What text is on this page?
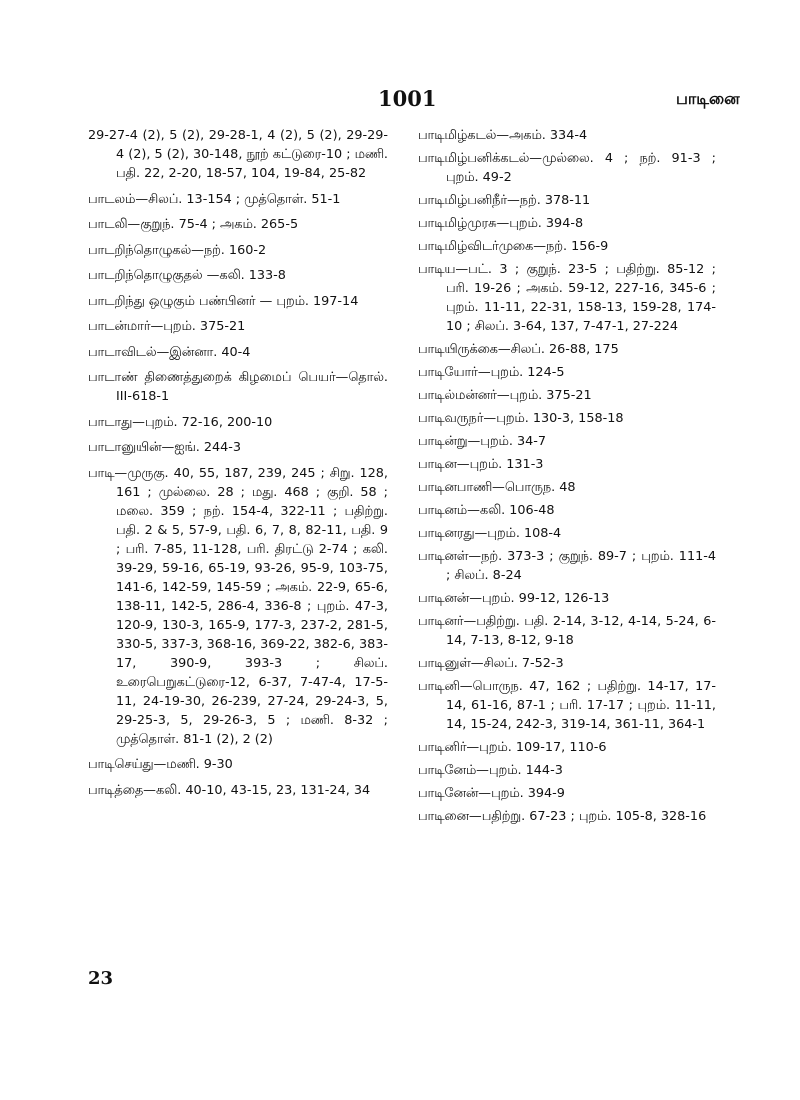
1001	பாடினை

29-27-4 (2), 5 (2), 29-28-1, 4 (2), 5 (2), 29-29-4 (2), 5 (2), 30-148, நூற் கட்டுரை-10 ; மணி. பதி. 22, 2-20, 18-57, 104, 19-84, 25-82

பாடலம்—சிலப். 13-154 ; முத்தொள். 51-1

பாடலி—குறுந். 75-4 ; அகம். 265-5

பாடறிந்தொழுகல்—நற். 160-2

பாடறிந்தொழுகுதல் —கலி. 133-8

பாடறிந்து ஒழுகும் பண்பினர் — புறம். 197-14

பாடன்மார்—புறம். 375-21

பாடாவிடல்—இன்னா. 40-4

பாடாண் திணைத்துறைக் கிழமைப் பெயர்—தொல். III-618-1

பாடாது—புறம். 72-16, 200-10

பாடானுயின்—ஐங். 244-3

பாடி—முருகு. 40, 55, 187, 239, 245 ; சிறு. 128, 161 ; முல்லை. 28 ; மது. 468 ; குறி. 58 ; மலை. 359 ; நற். 154-4, 322-11 ; பதிற்று. பதி. 2 & 5, 57-9, பதி. 6, 7, 8, 82-11, பதி. 9 ; பரி. 7-85, 11-128, பரி. திரட்டு 2-74 ; கலி. 39-29, 59-16, 65-19, 93-26, 95-9, 103-75, 141-6, 142-59, 145-59 ; அகம். 22-9, 65-6, 138-11, 142-5, 286-4, 336-8 ; புறம். 47-3, 120-9, 130-3, 165-9, 177-3, 237-2, 281-5, 330-5, 337-3, 368-16, 369-22, 382-6, 383-17, 390-9, 393-3 ; சிலப். உரைபெறுகட்டுரை-12, 6-37, 7-47-4, 17-5-11, 24-19-30, 26-239, 27-24, 29-24-3, 5, 29-25-3, 5, 29-26-3, 5 ; மணி. 8-32 ; முத்தொள். 81-1 (2), 2 (2)

பாடிசெய்து—மணி. 9-30

பாடித்தை—கலி. 40-10, 43-15, 23, 131-24, 34

பாடிமிழ்கடல்—அகம். 334-4

பாடிமிழ்பனிக்கடல்—முல்லை. 4 ; நற். 91-3 ; புறம். 49-2

பாடிமிழ்பனிநீர்—நற். 378-11

பாடிமிழ்முரசு—புறம். 394-8

பாடிமிழ்விடர்முகை—நற். 156-9

பாடிய—பட். 3 ; குறுந். 23-5 ; பதிற்று. 85-12 ; பரி. 19-26 ; அகம். 59-12, 227-16, 345-6 ; புறம். 11-11, 22-31, 158-13, 159-28, 174-10 ; சிலப். 3-64, 137, 7-47-1, 27-224

பாடியிருக்கை—சிலப். 26-88, 175

பாடியோர்—புறம். 124-5

பாடில்மன்னர்—புறம். 375-21

பாடிவருநர்—புறம். 130-3, 158-18

பாடின்று—புறம். 34-7

பாடின—புறம். 131-3

பாடினபாணி—பொருந. 48

பாடினம்—கலி. 106-48

பாடினரது—புறம். 108-4

பாடினள்—நற். 373-3 ; குறுந். 89-7 ; புறம். 111-4 ; சிலப். 8-24

பாடினன்—புறம். 99-12, 126-13

பாடினர்—பதிற்று. பதி. 2-14, 3-12, 4-14, 5-24, 6-14, 7-13, 8-12, 9-18

பாடினுள்—சிலப். 7-52-3

பாடினி—பொருந. 47, 162 ; பதிற்று. 14-17, 17-14, 61-16, 87-1 ; பரி. 17-17 ; புறம். 11-11, 14, 15-24, 242-3, 319-14, 361-11, 364-1

பாடினிர்—புறம். 109-17, 110-6

பாடினேம்—புறம். 144-3

பாடினேன்—புறம். 394-9

பாடினை—பதிற்று. 67-23 ; புறம். 105-8, 328-16

23
